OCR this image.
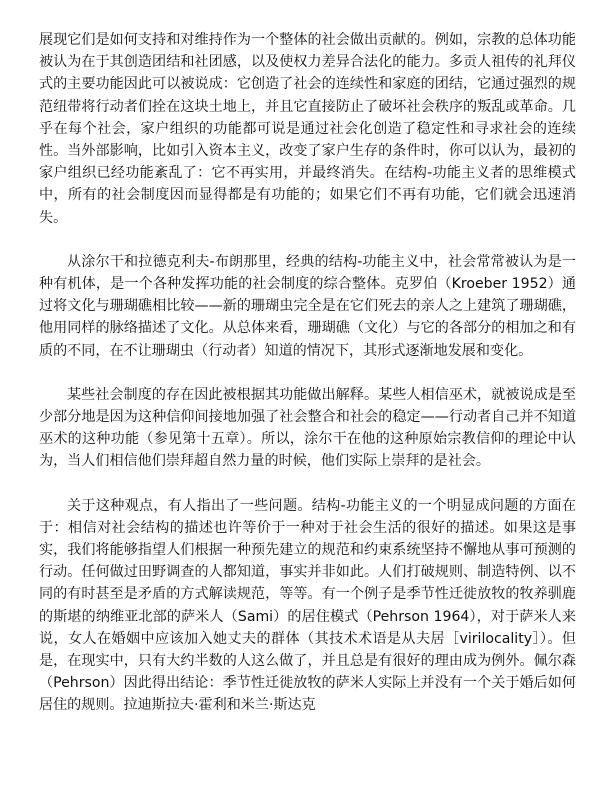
展现它们是如何支持和对维持作为一个整体的社会做出贡献的。例如，宗教的总体功能被认为在于其创造团结和社团感，以及使权力差异合法化的能力。多贡人祖传的礼拜仪式的主要功能因此可以被说成：它创造了社会的连续性和家庭的团结，它通过强烈的规范纽带将行动者们拴在这块土地上，并且它直接防止了破坏社会秩序的叛乱或革命。几乎在每个社会，家户组织的功能都可说是通过社会化创造了稳定性和寻求社会的连续性。当外部影响，比如引入资本主义，改变了家户生存的条件时，你可以认为，最初的家户组织已经功能紊乱了：它不再实用，并最终消失。在结构-功能主义者的思维模式中，所有的社会制度因而显得都是有功能的；如果它们不再有功能，它们就会迅速消失。

从涂尔干和拉德克利夫-布朗那里，经典的结构-功能主义中，社会常常被认为是一种有机体，是一个各种发挥功能的社会制度的综合整体。克罗伯（Kroeber 1952）通过将文化与珊瑚礁相比较——新的珊瑚虫完全是在它们死去的亲人之上建筑了珊瑚礁，他用同样的脉络描述了文化。从总体来看，珊瑚礁（文化）与它的各部分的相加之和有质的不同，在不让珊瑚虫（行动者）知道的情况下，其形式逐渐地发展和变化。

某些社会制度的存在因此被根据其功能做出解释。某些人相信巫术，就被说成是至少部分地是因为这种信仰间接地加强了社会整合和社会的稳定——行动者自己并不知道巫术的这种功能（参见第十五章）。所以，涂尔干在他的这种原始宗教信仰的理论中认为，当人们相信他们崇拜超自然力量的时候，他们实际上崇拜的是社会。

关于这种观点，有人指出了一些问题。结构-功能主义的一个明显成问题的方面在于：相信对社会结构的描述也许等价于一种对于社会生活的很好的描述。如果这是事实，我们将能够指望人们根据一种预先建立的规范和约束系统坚持不懈地从事可预测的行动。任何做过田野调查的人都知道，事实并非如此。人们打破规则、制造特例、以不同的有时甚至是矛盾的方式解读规范，等等。有一个例子是季节性迁徙放牧的牧养驯鹿的斯堪的纳维亚北部的萨米人（Sami）的居住模式（Pehrson 1964），对于萨米人来说，女人在婚姻中应该加入她丈夫的群体（其技术术语是从夫居［virilocality］）。但是，在现实中，只有大约半数的人这么做了，并且总是有很好的理由成为例外。佩尔森（Pehrson）因此得出结论：季节性迁徙放牧的萨米人实际上并没有一个关于婚后如何居住的规则。拉迪斯拉夫·霍利和米兰·斯达克
